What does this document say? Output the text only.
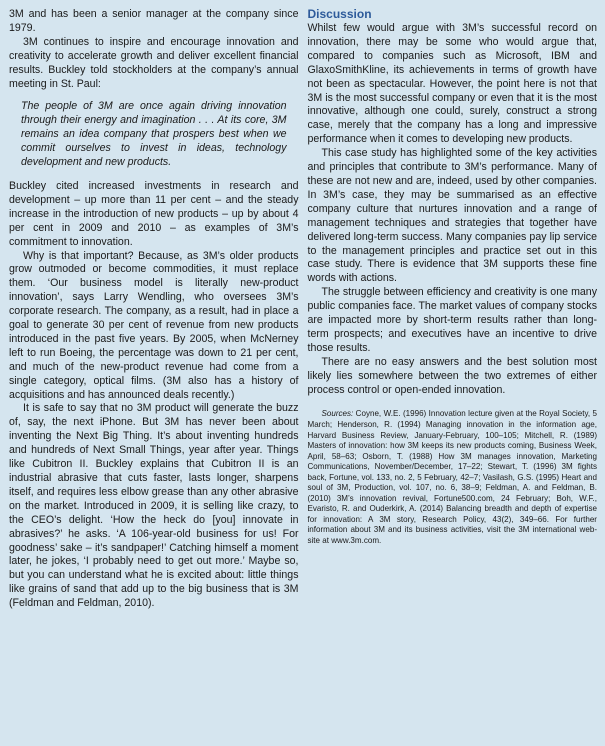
3M and has been a senior manager at the company since 1979.

3M continues to inspire and encourage innovation and creativity to accelerate growth and deliver excellent financial results. Buckley told stockholders at the company’s annual meeting in St. Paul:

The people of 3M are once again driving innovation through their energy and imagination . . . At its core, 3M remains an idea company that prospers best when we commit ourselves to invest in ideas, technology development and new products.

Buckley cited increased investments in research and development – up more than 11 per cent – and the steady increase in the introduction of new products – up by about 4 per cent in 2009 and 2010 – as examples of 3M’s commitment to innovation.

Why is that important? Because, as 3M’s older products grow outmoded or become commodities, it must replace them. ‘Our business model is literally new-product innovation’, says Larry Wendling, who oversees 3M’s corporate research. The company, as a result, had in place a goal to generate 30 per cent of revenue from new products introduced in the past five years. By 2005, when McNerney left to run Boeing, the percentage was down to 21 per cent, and much of the new-product revenue had come from a single category, optical films. (3M also has a history of acquisitions and has announced deals recently.)

It is safe to say that no 3M product will generate the buzz of, say, the next iPhone. But 3M has never been about inventing the Next Big Thing. It’s about inventing hundreds and hundreds of Next Small Things, year after year. Things like Cubitron II. Buckley explains that Cubitron II is an industrial abrasive that cuts faster, lasts longer, sharpens itself, and requires less elbow grease than any other abrasive on the market. Introduced in 2009, it is selling like crazy, to the CEO’s delight. ‘How the heck do [you] innovate in abrasives?’ he asks. ‘A 106-year-old business for us! For goodness’ sake – it’s sandpaper!’ Catching himself a moment later, he jokes, ‘I probably need to get out more.’ Maybe so, but you can understand what he is excited about: little things like grains of sand that add up to the big business that is 3M (Feldman and Feldman, 2010).

Discussion

Whilst few would argue with 3M’s successful record on innovation, there may be some who would argue that, compared to companies such as Microsoft, IBM and GlaxoSmithKline, its achievements in terms of growth have not been as spectacular. However, the point here is not that 3M is the most successful company or even that it is the most innovative, although one could, surely, construct a strong case, merely that the company has a long and impressive performance when it comes to developing new products.

This case study has highlighted some of the key activities and principles that contribute to 3M’s performance. Many of these are not new and are, indeed, used by other companies. In 3M’s case, they may be summarised as an effective company culture that nurtures innovation and a range of management techniques and strategies that together have delivered long-term success. Many companies pay lip service to the management principles and practice set out in this case study. There is evidence that 3M supports these fine words with actions.

The struggle between efficiency and creativity is one many public companies face. The market values of company stocks are impacted more by short-term results rather than long-term prospects; and executives have an incentive to drive those results.

There are no easy answers and the best solution most likely lies somewhere between the two extremes of either process control or open-ended innovation.

Sources: Coyne, W.E. (1996) Innovation lecture given at the Royal Society, 5 March; Henderson, R. (1994) Managing innovation in the information age, Harvard Business Review, January-February, 100–105; Mitchell, R. (1989) Masters of innovation: how 3M keeps its new products coming, Business Week, April, 58–63; Osborn, T. (1988) How 3M manages innovation, Marketing Communications, November/December, 17–22; Stewart, T. (1996) 3M fights back, Fortune, vol. 133, no. 2, 5 February, 42–7; Vasilash, G.S. (1995) Heart and soul of 3M, Production, vol. 107, no. 6, 38–9; Feldman, A. and Feldman, B. (2010) 3M’s innovation revival, Fortune500.com, 24 February; Boh, W.F., Evaristo, R. and Ouderkirk, A. (2014) Balancing breadth and depth of expertise for innovation: A 3M story, Research Policy, 43(2), 349–66. For further information about 3M and its business activities, visit the 3M international web-site at www.3m.com.
